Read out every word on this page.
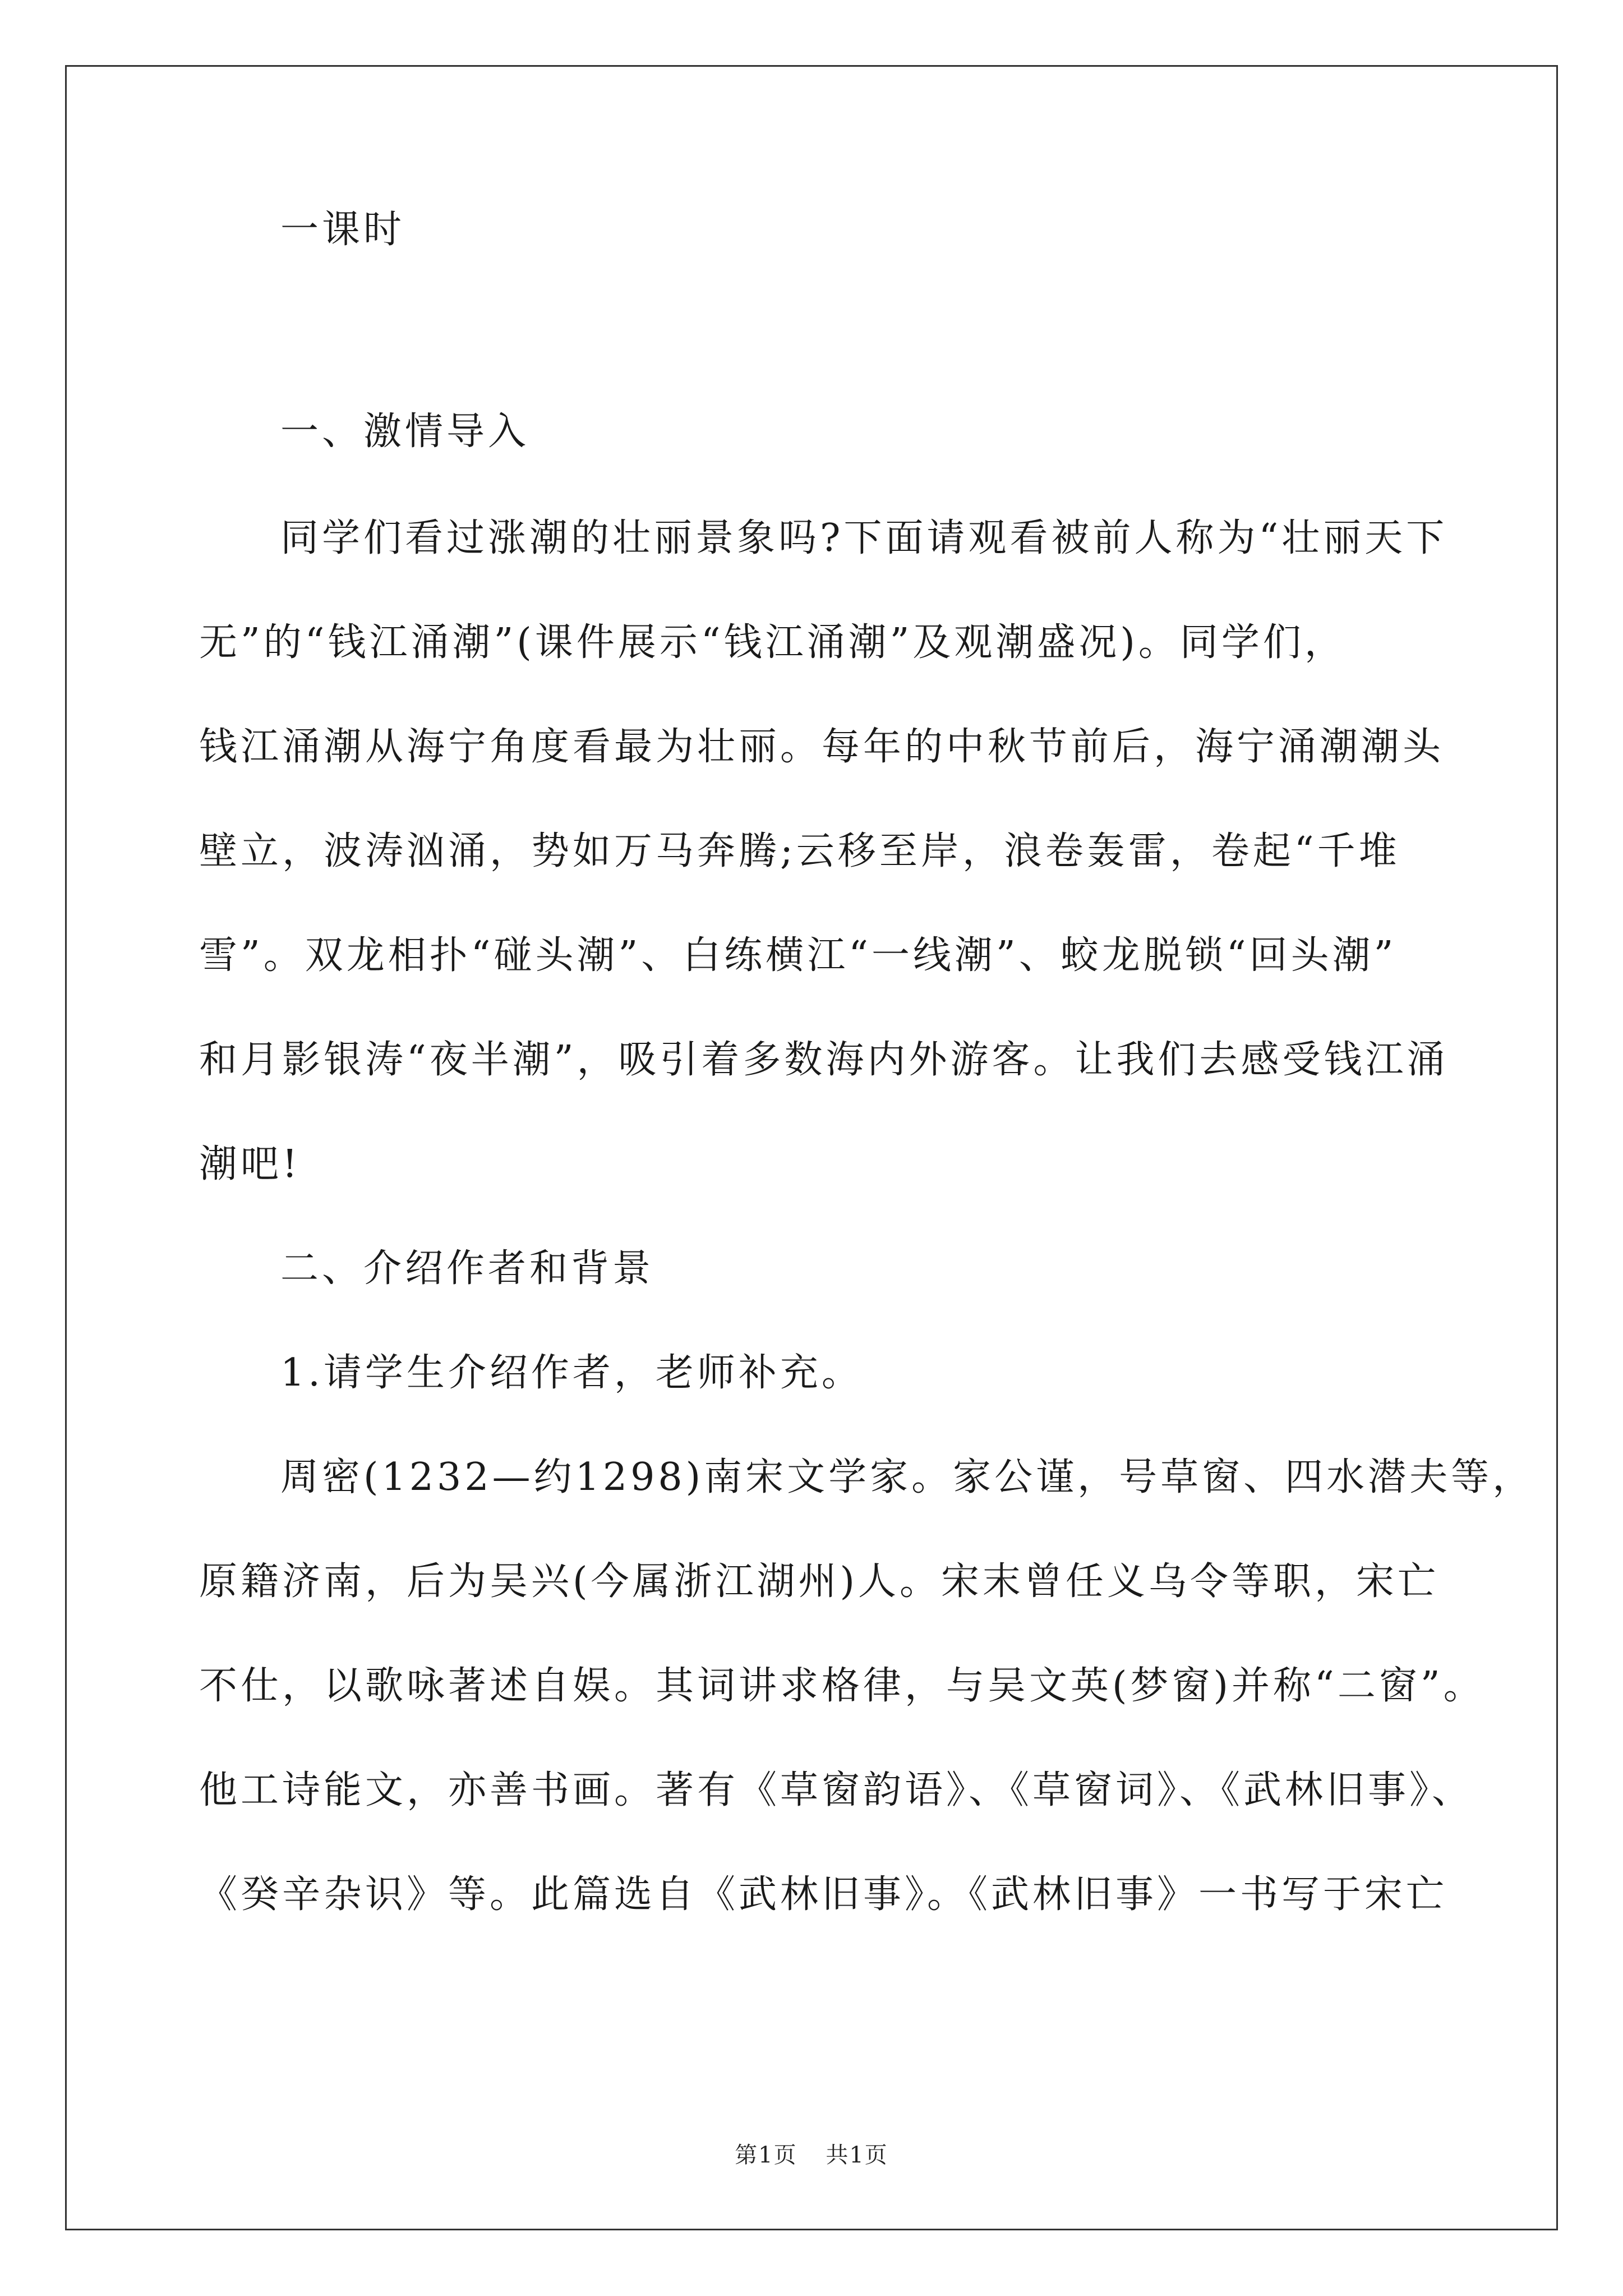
一课时
一、激情导入
同学们看过涨潮的壮丽景象吗?下面请观看被前人称为“壮丽天下
无”的“钱江涌潮”(课件展示“钱江涌潮”及观潮盛况)。同学们，
钱江涌潮从海宁角度看最为壮丽。每年的中秋节前后，海宁涌潮潮头
壁立，波涛汹涌，势如万马奔腾;云移至岸，浪卷轰雷，卷起“千堆
雪”。双龙相扑“碰头潮”、白练横江“一线潮”、蛟龙脱锁“回头潮”
和月影银涛“夜半潮”，吸引着多数海内外游客。让我们去感受钱江涌
潮吧!
二、介绍作者和背景
1.请学生介绍作者，老师补充。
周密(1232—约1298)南宋文学家。家公谨，号草窗、四水潜夫等，
原籍济南，后为吴兴(今属浙江湖州)人。宋末曾任义乌令等职，宋亡
不仕，以歌咏著述自娱。其词讲求格律，与吴文英(梦窗)并称“二窗”。
他工诗能文，亦善书画。著有《草窗韵语》、《草窗词》、《武林旧事》、
《癸辛杂识》等。此篇选自《武林旧事》。《武林旧事》一书写于宋亡
第1页 共1页
